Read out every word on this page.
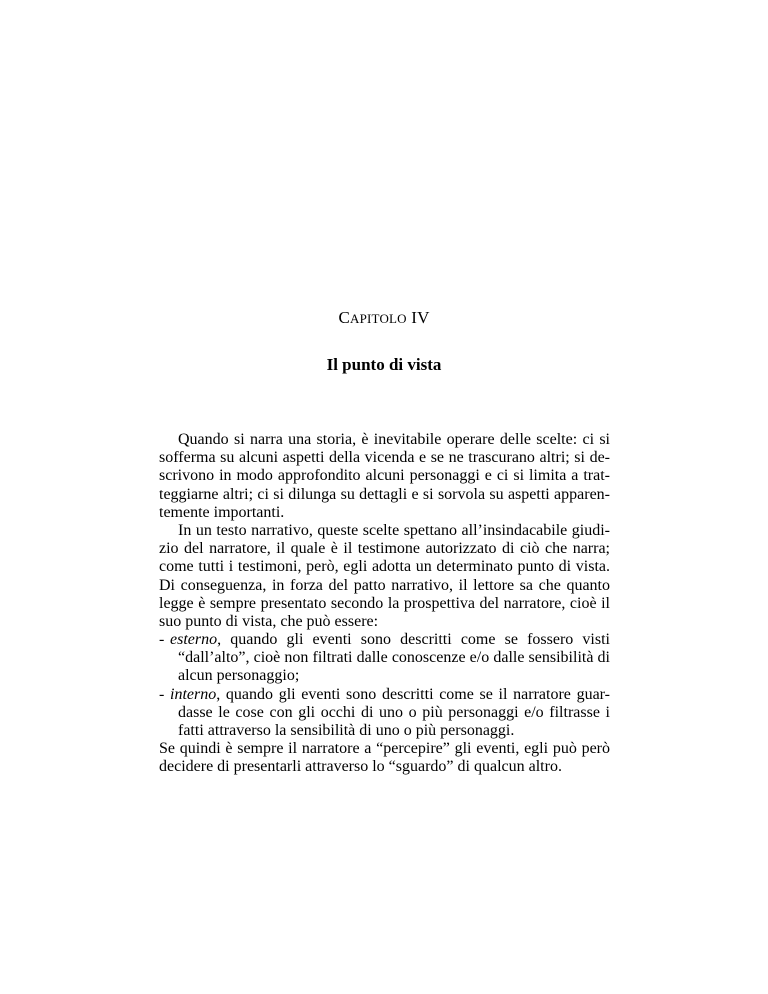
CAPITOLO IV
Il punto di vista
Quando si narra una storia, è inevitabile operare delle scelte: ci si
sofferma su alcuni aspetti della vicenda e se ne trascurano altri; si de-
scrivono in modo approfondito alcuni personaggi e ci si limita a trat-
teggiarne altri; ci si dilunga su dettagli e si sorvola su aspetti apparen-
temente importanti.
In un testo narrativo, queste scelte spettano all’insindacabile giudi-
zio del narratore, il quale è il testimone autorizzato di ciò che narra;
come tutti i testimoni, però, egli adotta un determinato punto di vista.
Di conseguenza, in forza del patto narrativo, il lettore sa che quanto
legge è sempre presentato secondo la prospettiva del narratore, cioè il
suo punto di vista, che può essere:
- esterno, quando gli eventi sono descritti come se fossero visti
“dall’alto”, cioè non filtrati dalle conoscenze e/o dalle sensibilità di
alcun personaggio;
- interno, quando gli eventi sono descritti come se il narratore guar-
dasse le cose con gli occhi di uno o più personaggi e/o filtrasse i
fatti attraverso la sensibilità di uno o più personaggi.
Se quindi è sempre il narratore a “percepire” gli eventi, egli può però
decidere di presentarli attraverso lo “sguardo” di qualcun altro.
